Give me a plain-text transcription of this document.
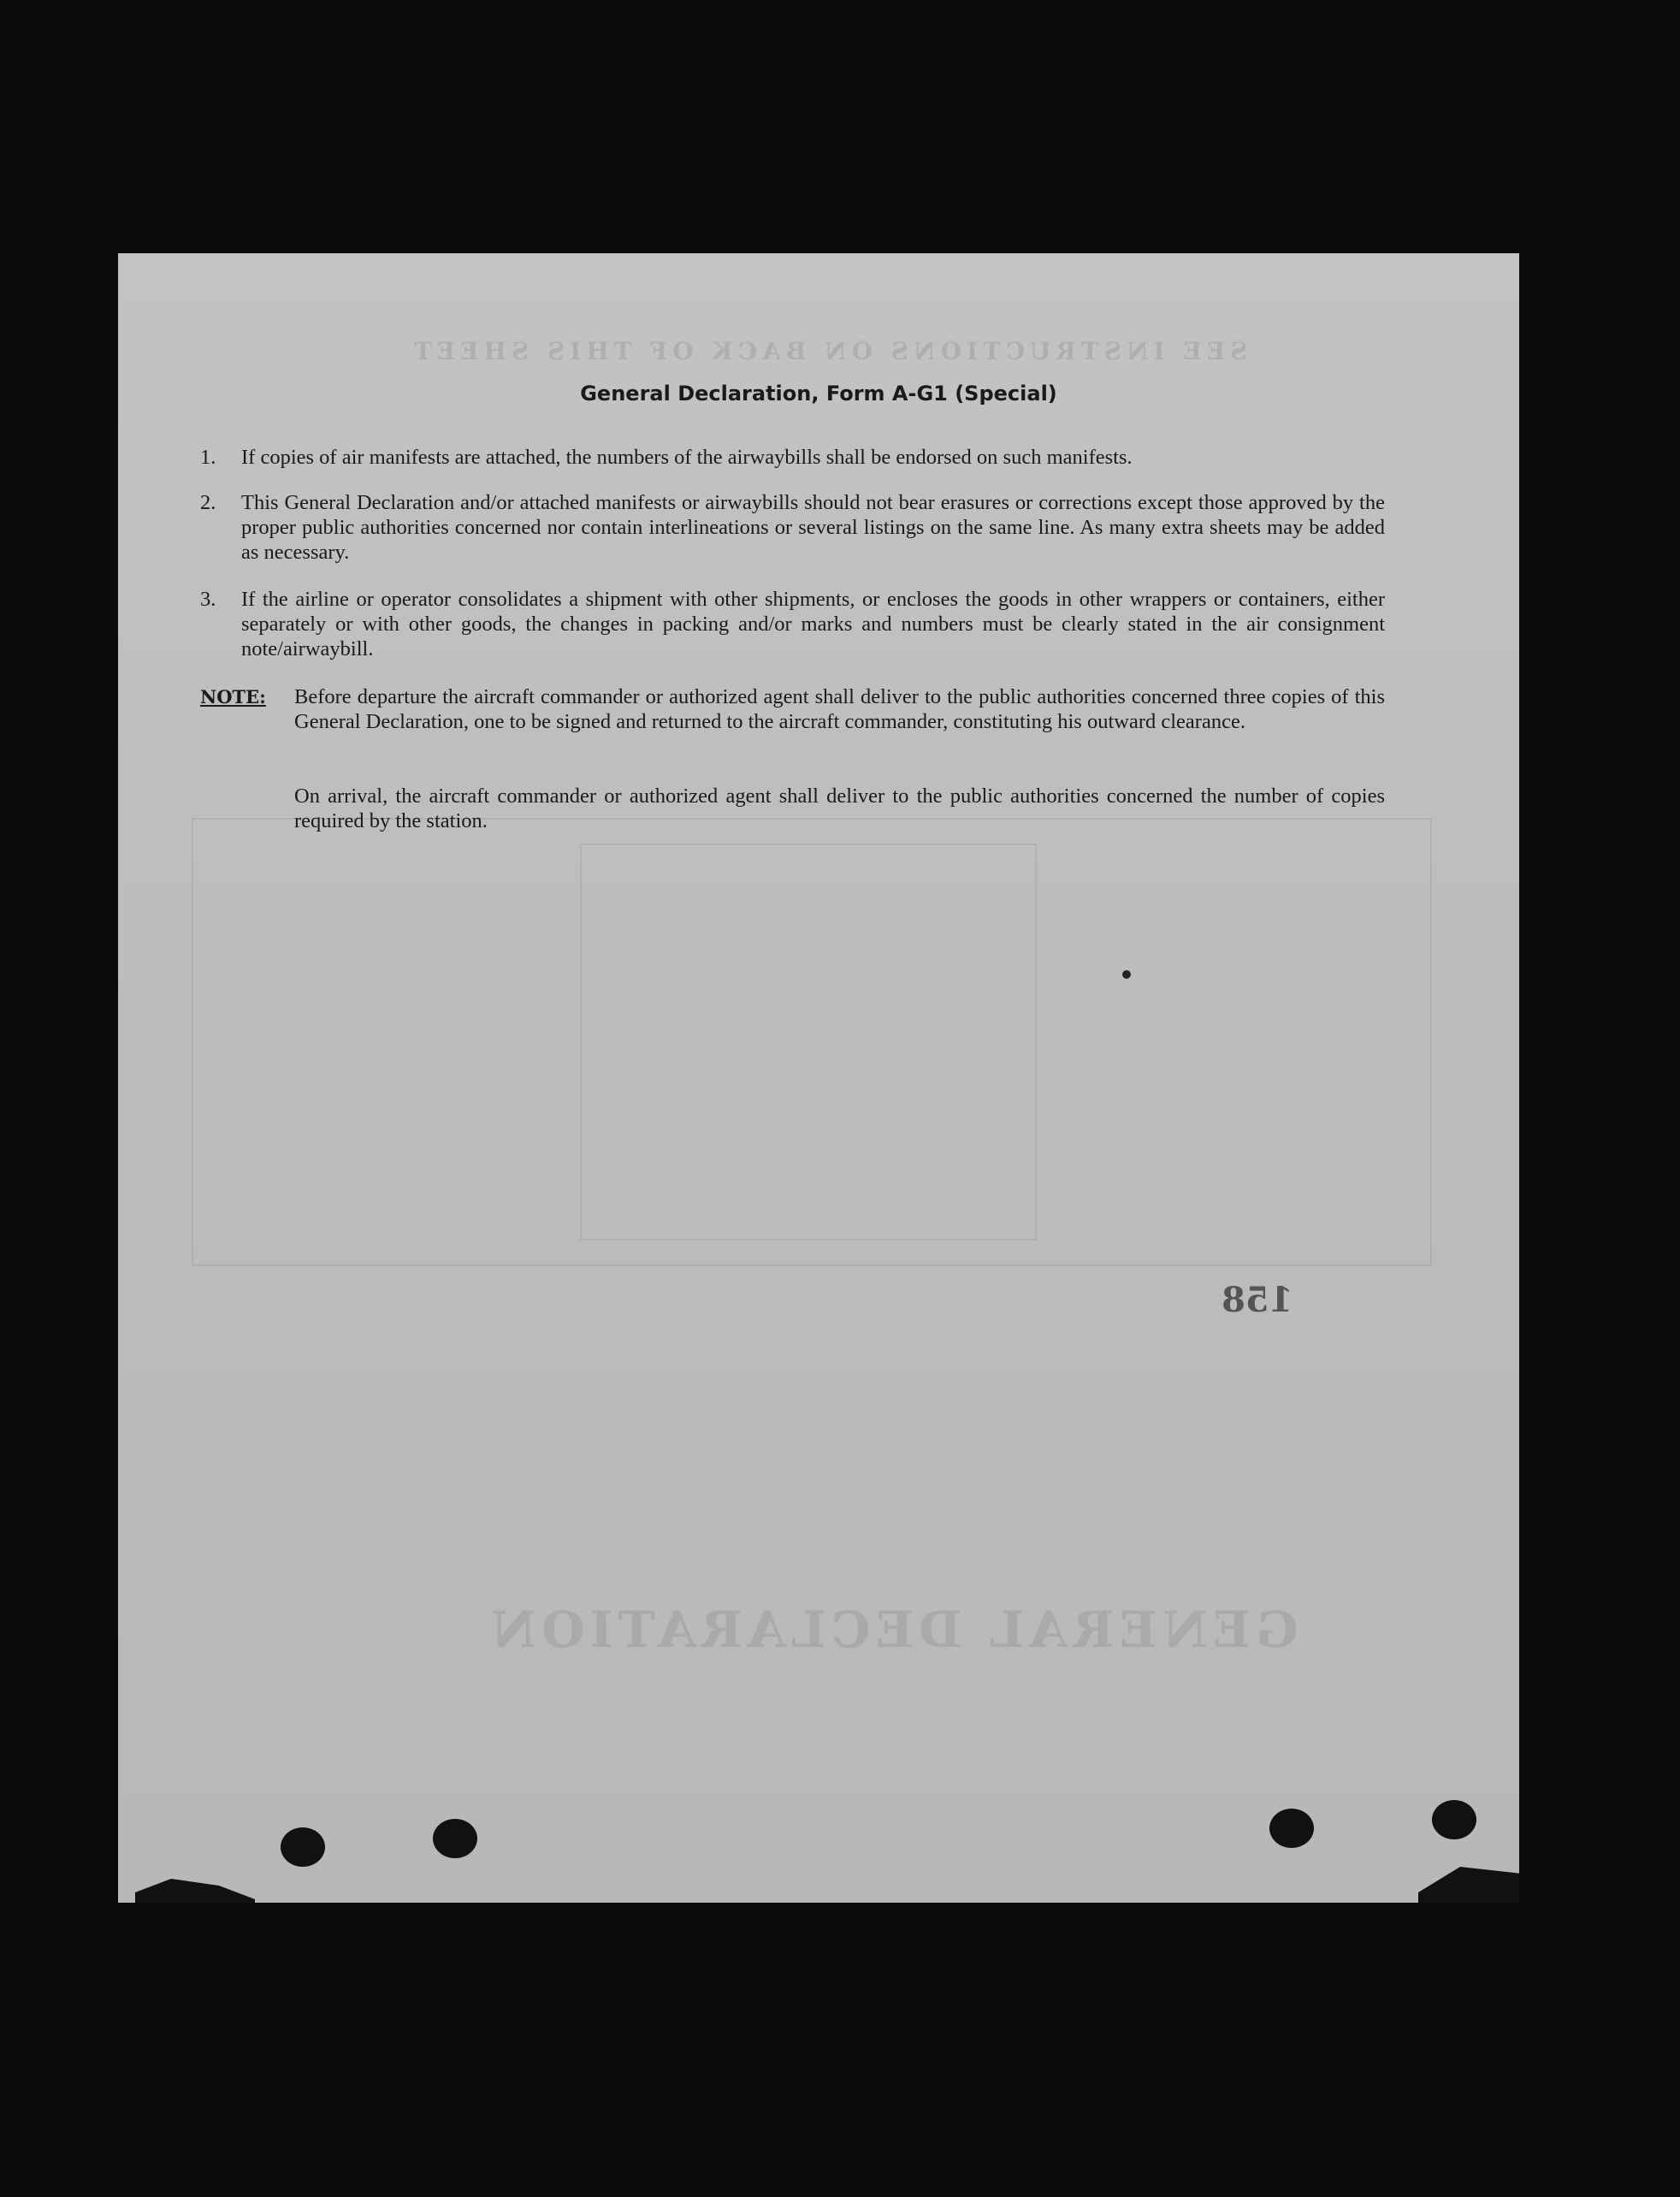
SEE INSTRUCTIONS ON BACK OF THIS SHEET
GENERAL DECLARATION
General Declaration, Form A-G1 (Special)
1. If copies of air manifests are attached, the numbers of the airwaybills shall be endorsed on such manifests.
2. This General Declaration and/or attached manifests or airwaybills should not bear erasures or corrections except those approved by the proper public authorities concerned nor contain interlineations or several listings on the same line. As many extra sheets may be added as necessary.
3. If the airline or operator consolidates a shipment with other shipments, or encloses the goods in other wrappers or containers, either separately or with other goods, the changes in packing and/or marks and numbers must be clearly stated in the air consignment note/airwaybill.
NOTE: Before departure the aircraft commander or authorized agent shall deliver to the public authorities concerned three copies of this General Declaration, one to be signed and returned to the aircraft commander, constituting his outward clearance.
On arrival, the aircraft commander or authorized agent shall deliver to the public authorities concerned the number of copies required by the station.
158
